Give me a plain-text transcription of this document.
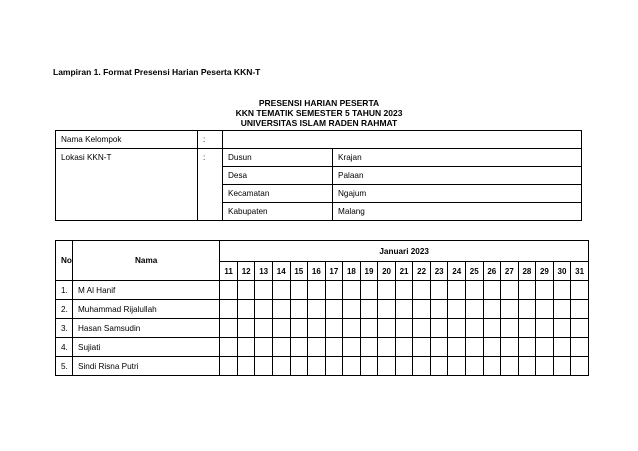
Lampiran 1. Format Presensi Harian Peserta KKN-T
PRESENSI HARIAN PESERTA
KKN TEMATIK SEMESTER 5 TAHUN 2023
UNIVERSITAS ISLAM RADEN RAHMAT
Nama Kelompok	:		
Lokasi KKN-T	:	Dusun	Krajan
		Desa	Palaan
		Kecamatan	Ngajum
		Kabupaten	Malang
No	Nama	Januari 2023																				
		11	12	13	14	15	16	17	18	19	20	21	22	23	24	25	26	27	28	29	30	31
1.	M Al Hanif																					
2.	Muhammad Rijalullah																					
3.	Hasan Samsudin																					
4.	Sujiati																					
5.	Sindi Risna Putri																					
